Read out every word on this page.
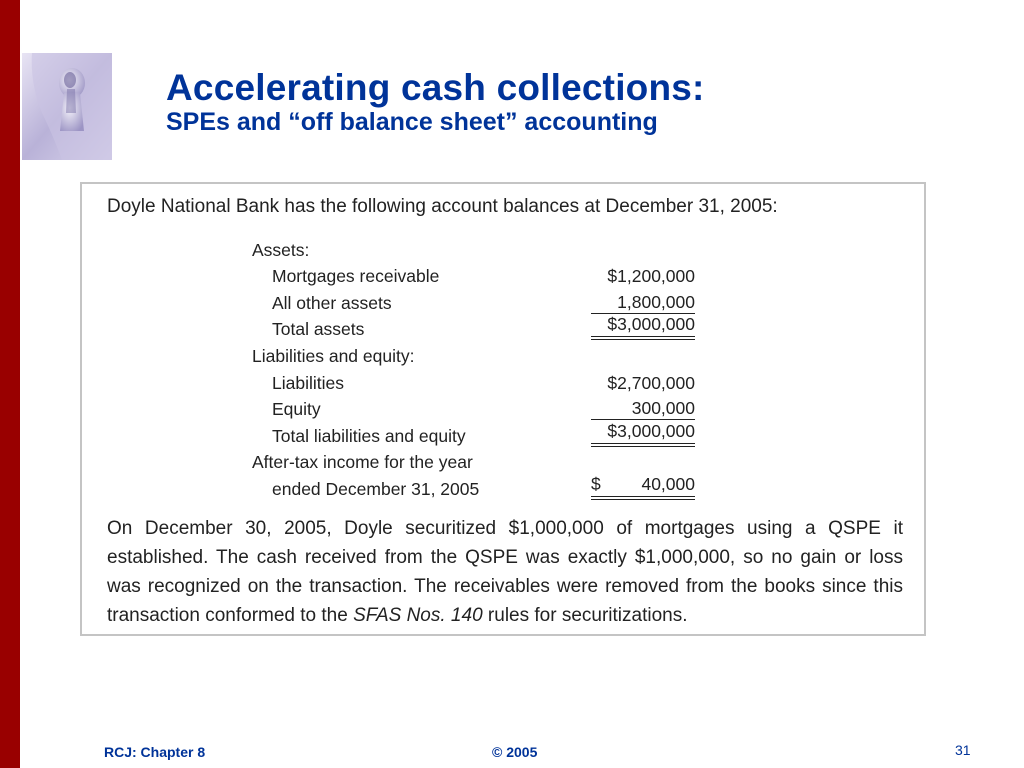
Accelerating cash collections:
SPEs and “off balance sheet” accounting
Doyle National Bank has the following account balances at December 31, 2005:
Assets:	
Mortgages receivable	$1,200,000
All other assets	1,800,000
Total assets	$3,000,000
Liabilities and equity:	
Liabilities	$2,700,000
Equity	300,000
Total liabilities and equity	$3,000,000
After-tax income for the year	
ended December 31, 2005	$ 40,000
On December 30, 2005, Doyle securitized $1,000,000 of mortgages using a QSPE it established. The cash received from the QSPE was exactly $1,000,000, so no gain or loss was recognized on the transaction. The receivables were removed from the books since this transaction conformed to the SFAS Nos. 140 rules for securitizations.
RCJ: Chapter 8	© 2005	31
